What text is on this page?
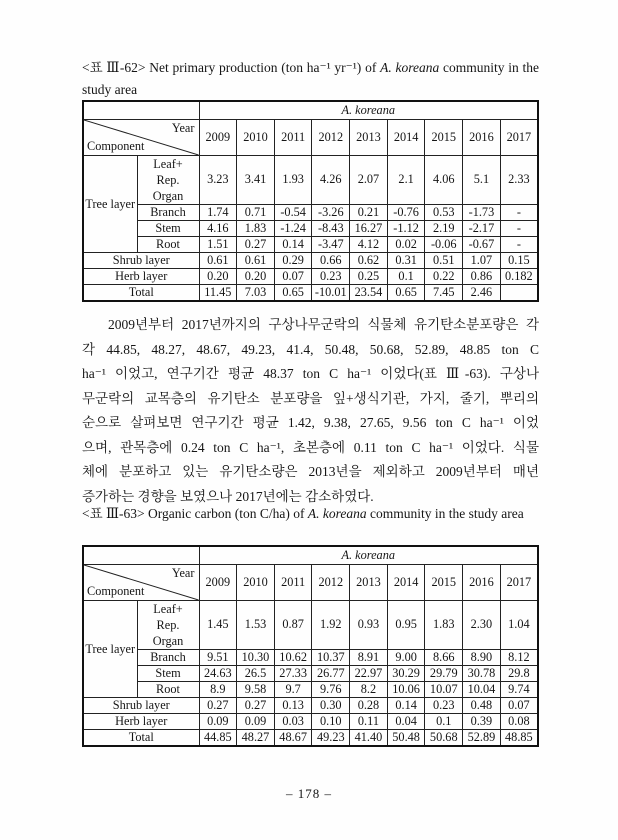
<표 Ⅲ-62> Net primary production (ton ha⁻¹ yr⁻¹) of A. koreana community in the study area
		A. koreana								

Year
Component		2009	2010	2011	2012	2013	2014	2015	2016	2017
Tree layer	Leaf+
Rep.
Organ	3.23	3.41	1.93	4.26	2.07	2.1	4.06	5.1	2.33
	Branch	1.74	0.71	-0.54	-3.26	0.21	-0.76	0.53	-1.73	-
	Stem	4.16	1.83	-1.24	-8.43	16.27	-1.12	2.19	-2.17	-
	Root	1.51	0.27	0.14	-3.47	4.12	0.02	-0.06	-0.67	-
Shrub layer		0.61	0.61	0.29	0.66	0.62	0.31	0.51	1.07	0.15
Herb layer		0.20	0.20	0.07	0.23	0.25	0.1	0.22	0.86	0.182
Total		11.45	7.03	0.65	-10.01	23.54	0.65	7.45	2.46	
2009년부터 2017년까지의 구상나무군락의 식물체 유기탄소분포량은 각
각 44.85, 48.27, 48.67, 49.23, 41.4, 50.48, 50.68, 52.89, 48.85 ton C
ha⁻¹ 이었고, 연구기간 평균 48.37 ton C ha⁻¹ 이었다(표 Ⅲ-63). 구상나
무군락의 교목층의 유기탄소 분포량을 잎+생식기관, 가지, 줄기, 뿌리의
순으로 살펴보면 연구기간 평균 1.42, 9.38, 27.65, 9.56 ton C ha⁻¹ 이었
으며, 관목층에 0.24 ton C ha⁻¹, 초본층에 0.11 ton C ha⁻¹ 이었다. 식물
체에 분포하고 있는 유기탄소량은 2013년을 제외하고 2009년부터 매년
증가하는 경향을 보였으나 2017년에는 감소하였다.
<표 Ⅲ-63> Organic carbon (ton C/ha) of A. koreana community in the study area
		A. koreana								

Year
Component		2009	2010	2011	2012	2013	2014	2015	2016	2017
Tree layer	Leaf+
Rep.
Organ	1.45	1.53	0.87	1.92	0.93	0.95	1.83	2.30	1.04
	Branch	9.51	10.30	10.62	10.37	8.91	9.00	8.66	8.90	8.12
	Stem	24.63	26.5	27.33	26.77	22.97	30.29	29.79	30.78	29.8
	Root	8.9	9.58	9.7	9.76	8.2	10.06	10.07	10.04	9.74
Shrub layer		0.27	0.27	0.13	0.30	0.28	0.14	0.23	0.48	0.07
Herb layer		0.09	0.09	0.03	0.10	0.11	0.04	0.1	0.39	0.08
Total		44.85	48.27	48.67	49.23	41.40	50.48	50.68	52.89	48.85
– 178 –
